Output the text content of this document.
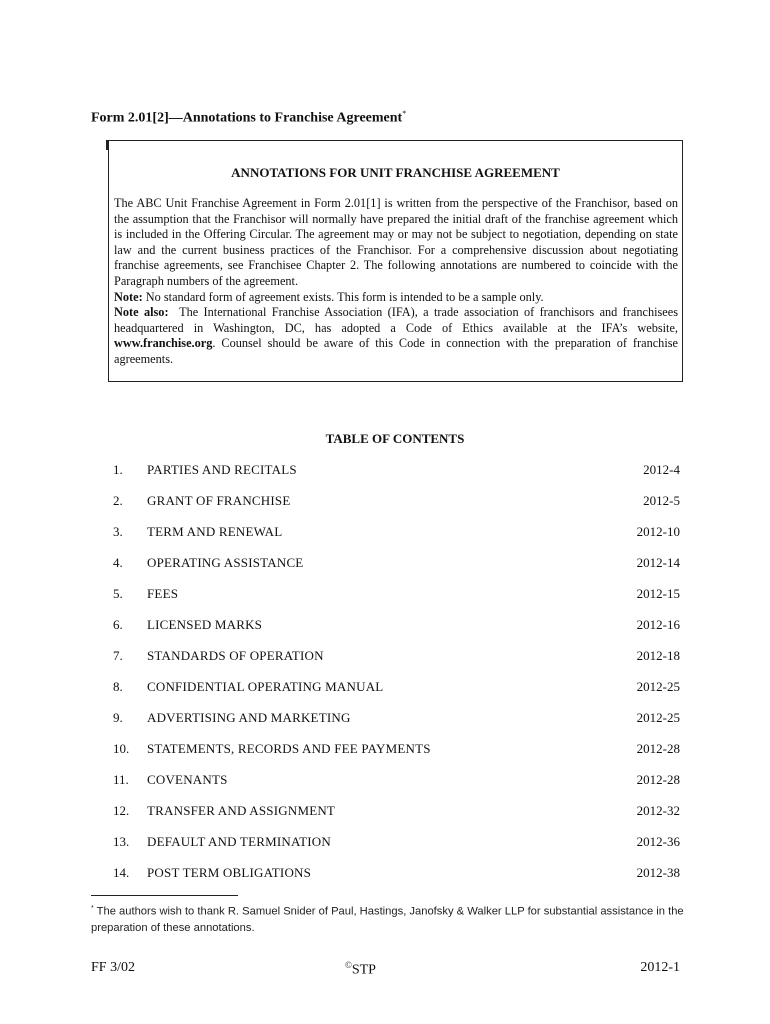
Form 2.01[2]—Annotations to Franchise Agreement*
ANNOTATIONS FOR UNIT FRANCHISE AGREEMENT

The ABC Unit Franchise Agreement in Form 2.01[1] is written from the perspective of the Franchisor, based on the assumption that the Franchisor will normally have prepared the initial draft of the franchise agreement which is included in the Offering Circular. The agreement may or may not be subject to negotiation, depending on state law and the current business practices of the Franchisor. For a comprehensive discussion about negotiating franchise agreements, see Franchisee Chapter 2. The following annotations are numbered to coincide with the Paragraph numbers of the agreement.

Note: No standard form of agreement exists. This form is intended to be a sample only.

Note also: The International Franchise Association (IFA), a trade association of franchisors and franchisees headquartered in Washington, DC, has adopted a Code of Ethics available at the IFA’s website, www.franchise.org. Counsel should be aware of this Code in connection with the preparation of franchise agreements.

TABLE OF CONTENTS
1. PARTIES AND RECITALS	2012-4
2. GRANT OF FRANCHISE	2012-5
3. TERM AND RENEWAL	2012-10
4. OPERATING ASSISTANCE	2012-14
5. FEES	2012-15
6. LICENSED MARKS	2012-16
7. STANDARDS OF OPERATION	2012-18
8. CONFIDENTIAL OPERATING MANUAL	2012-25
9. ADVERTISING AND MARKETING	2012-25
10. STATEMENTS, RECORDS AND FEE PAYMENTS	2012-28
11. COVENANTS	2012-28
12. TRANSFER AND ASSIGNMENT	2012-32
13. DEFAULT AND TERMINATION	2012-36
14. POST TERM OBLIGATIONS	2012-38
* The authors wish to thank R. Samuel Snider of Paul, Hastings, Janofsky & Walker LLP for substantial assistance in the preparation of these annotations.
FF 3/02	©STP	2012-1
